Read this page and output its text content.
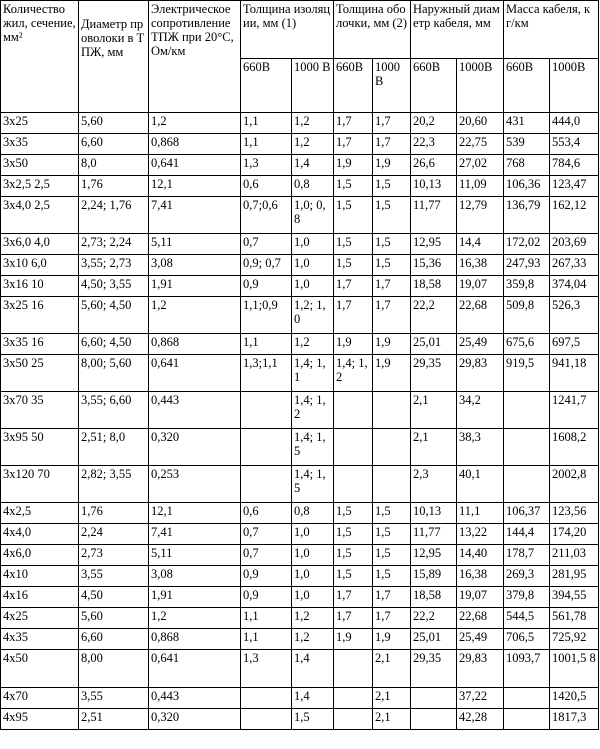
Количество жил, сечение, мм²	Диаметр проволоки в ТПЖ, мм	Электрическое сопротивление ТПЖ при 20°С, Ом/км	Толщина изоляции, мм (1)		Толщина оболочки, мм (2)		Наружный диаметр кабеля, мм		Масса кабеля, кг/км	
			660В	1000 В	660В	1000 В	660В	1000В	660В	1000В
3х25	5,60	1,2	1,1	1,2	1,7	1,7	20,2	20,60	431	444,0
3х35	6,60	0,868	1,1	1,2	1,7	1,7	22,3	22,75	539	553,4
3х50	8,0	0,641	1,3	1,4	1,9	1,9	26,6	27,02	768	784,6
3х2,5 2,5	1,76	12,1	0,6	0,8	1,5	1,5	10,13	11,09	106,36	123,47
3х4,0 2,5	2,24; 1,76	7,41	0,7;0,6	1,0; 0,8	1,5	1,5	11,77	12,79	136,79	162,12
3х6,0 4,0	2,73; 2,24	5,11	0,7	1,0	1,5	1,5	12,95	14,4	172,02	203,69
3х10 6,0	3,55; 2,73	3,08	0,9; 0,7	1,0	1,5	1,5	15,36	16,38	247,93	267,33
3х16 10	4,50; 3,55	1,91	0,9	1,0	1,7	1,7	18,58	19,07	359,8	374,04
3х25 16	5,60; 4,50	1,2	1,1;0,9	1,2; 1,0	1,7	1,7	22,2	22,68	509,8	526,3
3х35 16	6,60; 4,50	0,868	1,1	1,2	1,9	1,9	25,01	25,49	675,6	697,5
3х50 25	8,00; 5,60	0,641	1,3;1,1	1,4; 1,1	1,4; 1,2	1,9	29,35	29,83	919,5	941,18
3х70 35	3,55; 6,60	0,443		1,4; 1,2			2,1	34,2		1241,7
3х95 50	2,51; 8,0	0,320		1,4; 1,5			2,1	38,3		1608,2
3х120 70	2,82; 3,55	0,253		1,4; 1,5			2,3	40,1		2002,8
4х2,5	1,76	12,1	0,6	0,8	1,5	1,5	10,13	11,1	106,37	123,56
4х4,0	2,24	7,41	0,7	1,0	1,5	1,5	11,77	13,22	144,4	174,20
4х6,0	2,73	5,11	0,7	1,0	1,5	1,5	12,95	14,40	178,7	211,03
4х10	3,55	3,08	0,9	1,0	1,5	1,5	15,89	16,38	269,3	281,95
4х16	4,50	1,91	0,9	1,0	1,7	1,7	18,58	19,07	379,8	394,55
4х25	5,60	1,2	1,1	1,2	1,7	1,7	22,2	22,68	544,5	561,78
4х35	6,60	0,868	1,1	1,2	1,9	1,9	25,01	25,49	706,5	725,92
4х50	8,00	0,641	1,3	1,4		2,1	29,35	29,83	1093,7	1001,5 8
4х70	3,55	0,443		1,4		2,1		37,22		1420,5
4х95	2,51	0,320		1,5		2,1		42,28		1817,3
